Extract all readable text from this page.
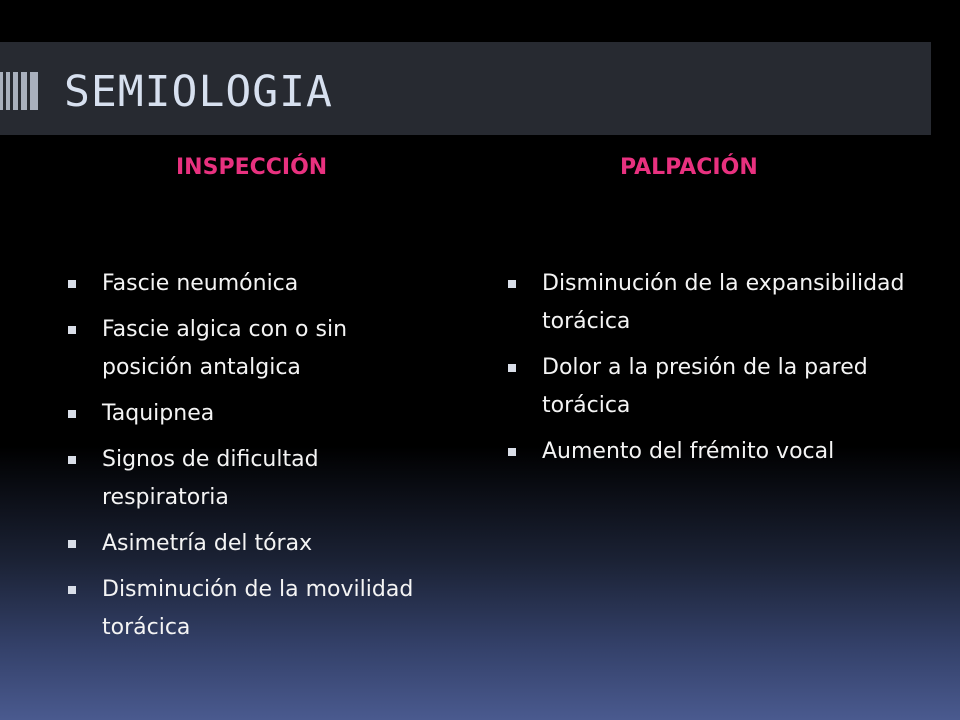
SEMIOLOGIA
INSPECCIÓN	PALPACIÓN
Fascie neumónica
Fascie algica con o sin posición antalgica
Taquipnea
Signos de dificultad respiratoria
Asimetría del tórax
Disminución de la movilidad torácica
Disminución de la expansibilidad torácica
Dolor a la presión de la pared torácica
Aumento del frémito vocal
